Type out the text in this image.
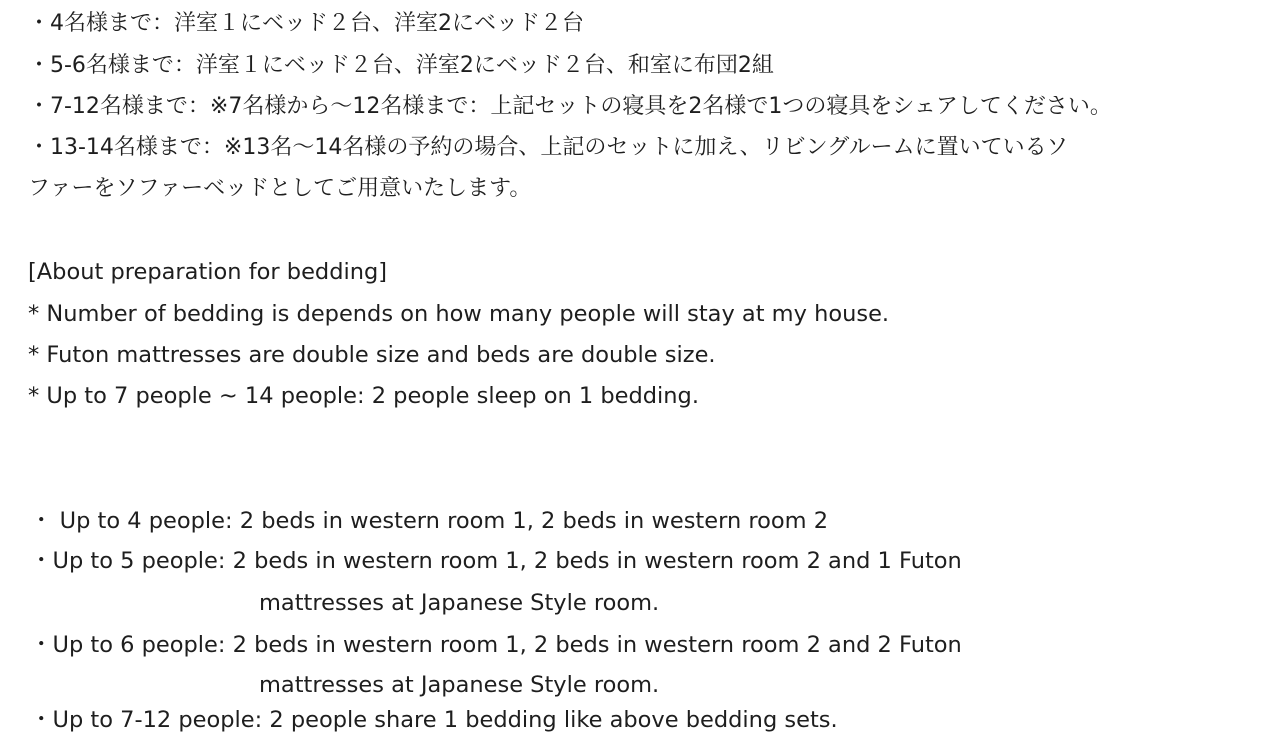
・4名様まで：洋室１にベッド２台、洋室2にベッド２台
・5-6名様まで：洋室１にベッド２台、洋室2にベッド２台、和室に布団2組
・7-12名様まで：※7名様から～12名様まで：上記セットの寝具を2名様で1つの寝具をシェアしてください。
・13-14名様まで：※13名～14名様の予約の場合、上記のセットに加え、リビングルームに置いているソ
ファーをソファーベッドとしてご用意いたします。
[About preparation for bedding]
* Number of bedding is depends on how many people will stay at my house.
* Futon mattresses are double size and beds are double size.
* Up to 7 people ~ 14 people: 2 people sleep on 1 bedding.
・ Up to 4 people: 2 beds in western room 1, 2 beds in western room 2
・Up to 5 people: 2 beds in western room 1, 2 beds in western room 2 and 1 Futon
mattresses at Japanese Style room.
・Up to 6 people: 2 beds in western room 1, 2 beds in western room 2 and 2 Futon
mattresses at Japanese Style room.
・Up to 7-12 people: 2 people share 1 bedding like above bedding sets.
